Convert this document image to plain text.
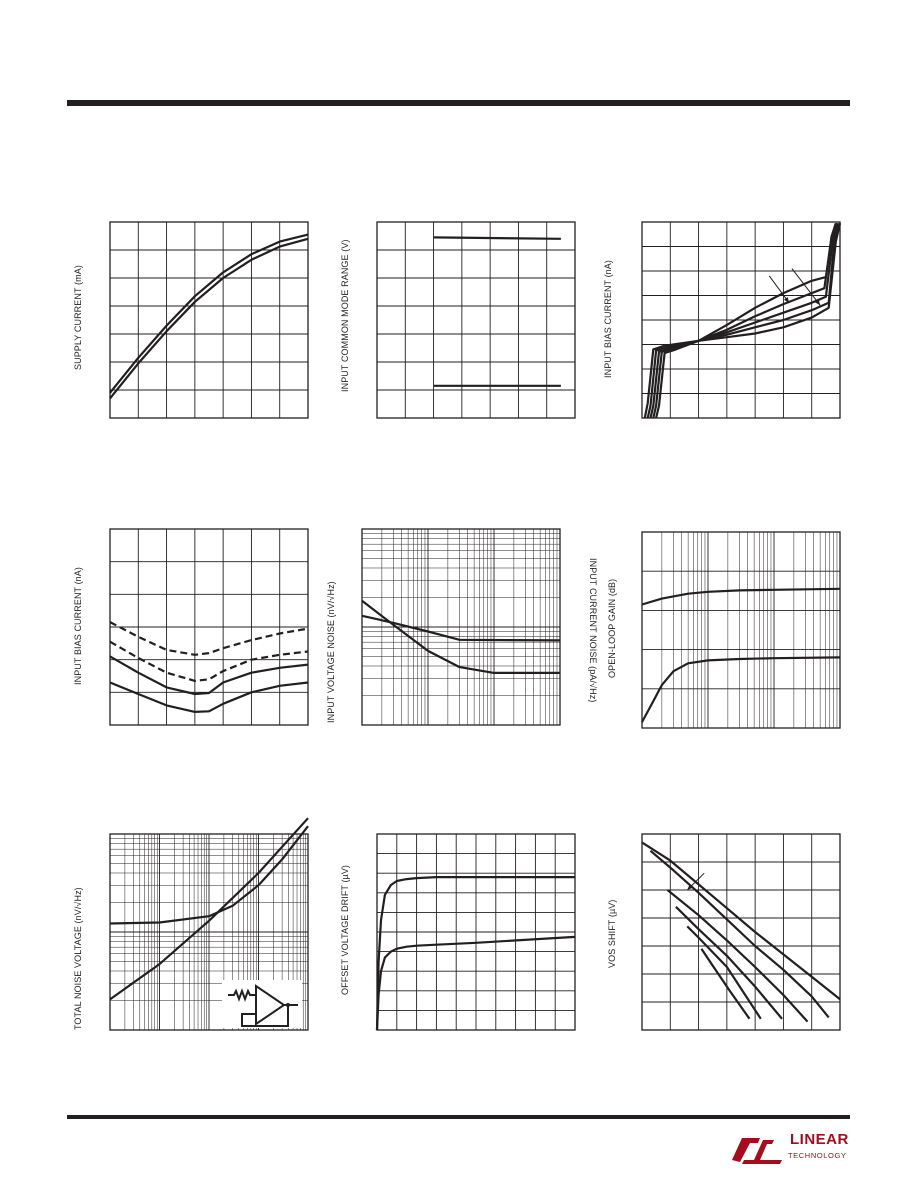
SUPPLY CURRENT (mA)	INPUT COMMON MODE RANGE (V)	INPUT BIAS CURRENT (nA)
INPUT BIAS CURRENT (nA)	INPUT VOLTAGE NOISE (nV/√Hz)	INPUT CURRENT NOISE (pA/√Hz) OPEN-LOOP GAIN (dB)
TOTAL NOISE VOLTAGE (nV/√Hz)	OFFSET VOLTAGE DRIFT (µV)	VOS SHIFT (µV)
LINEAR
TECHNOLOGY
